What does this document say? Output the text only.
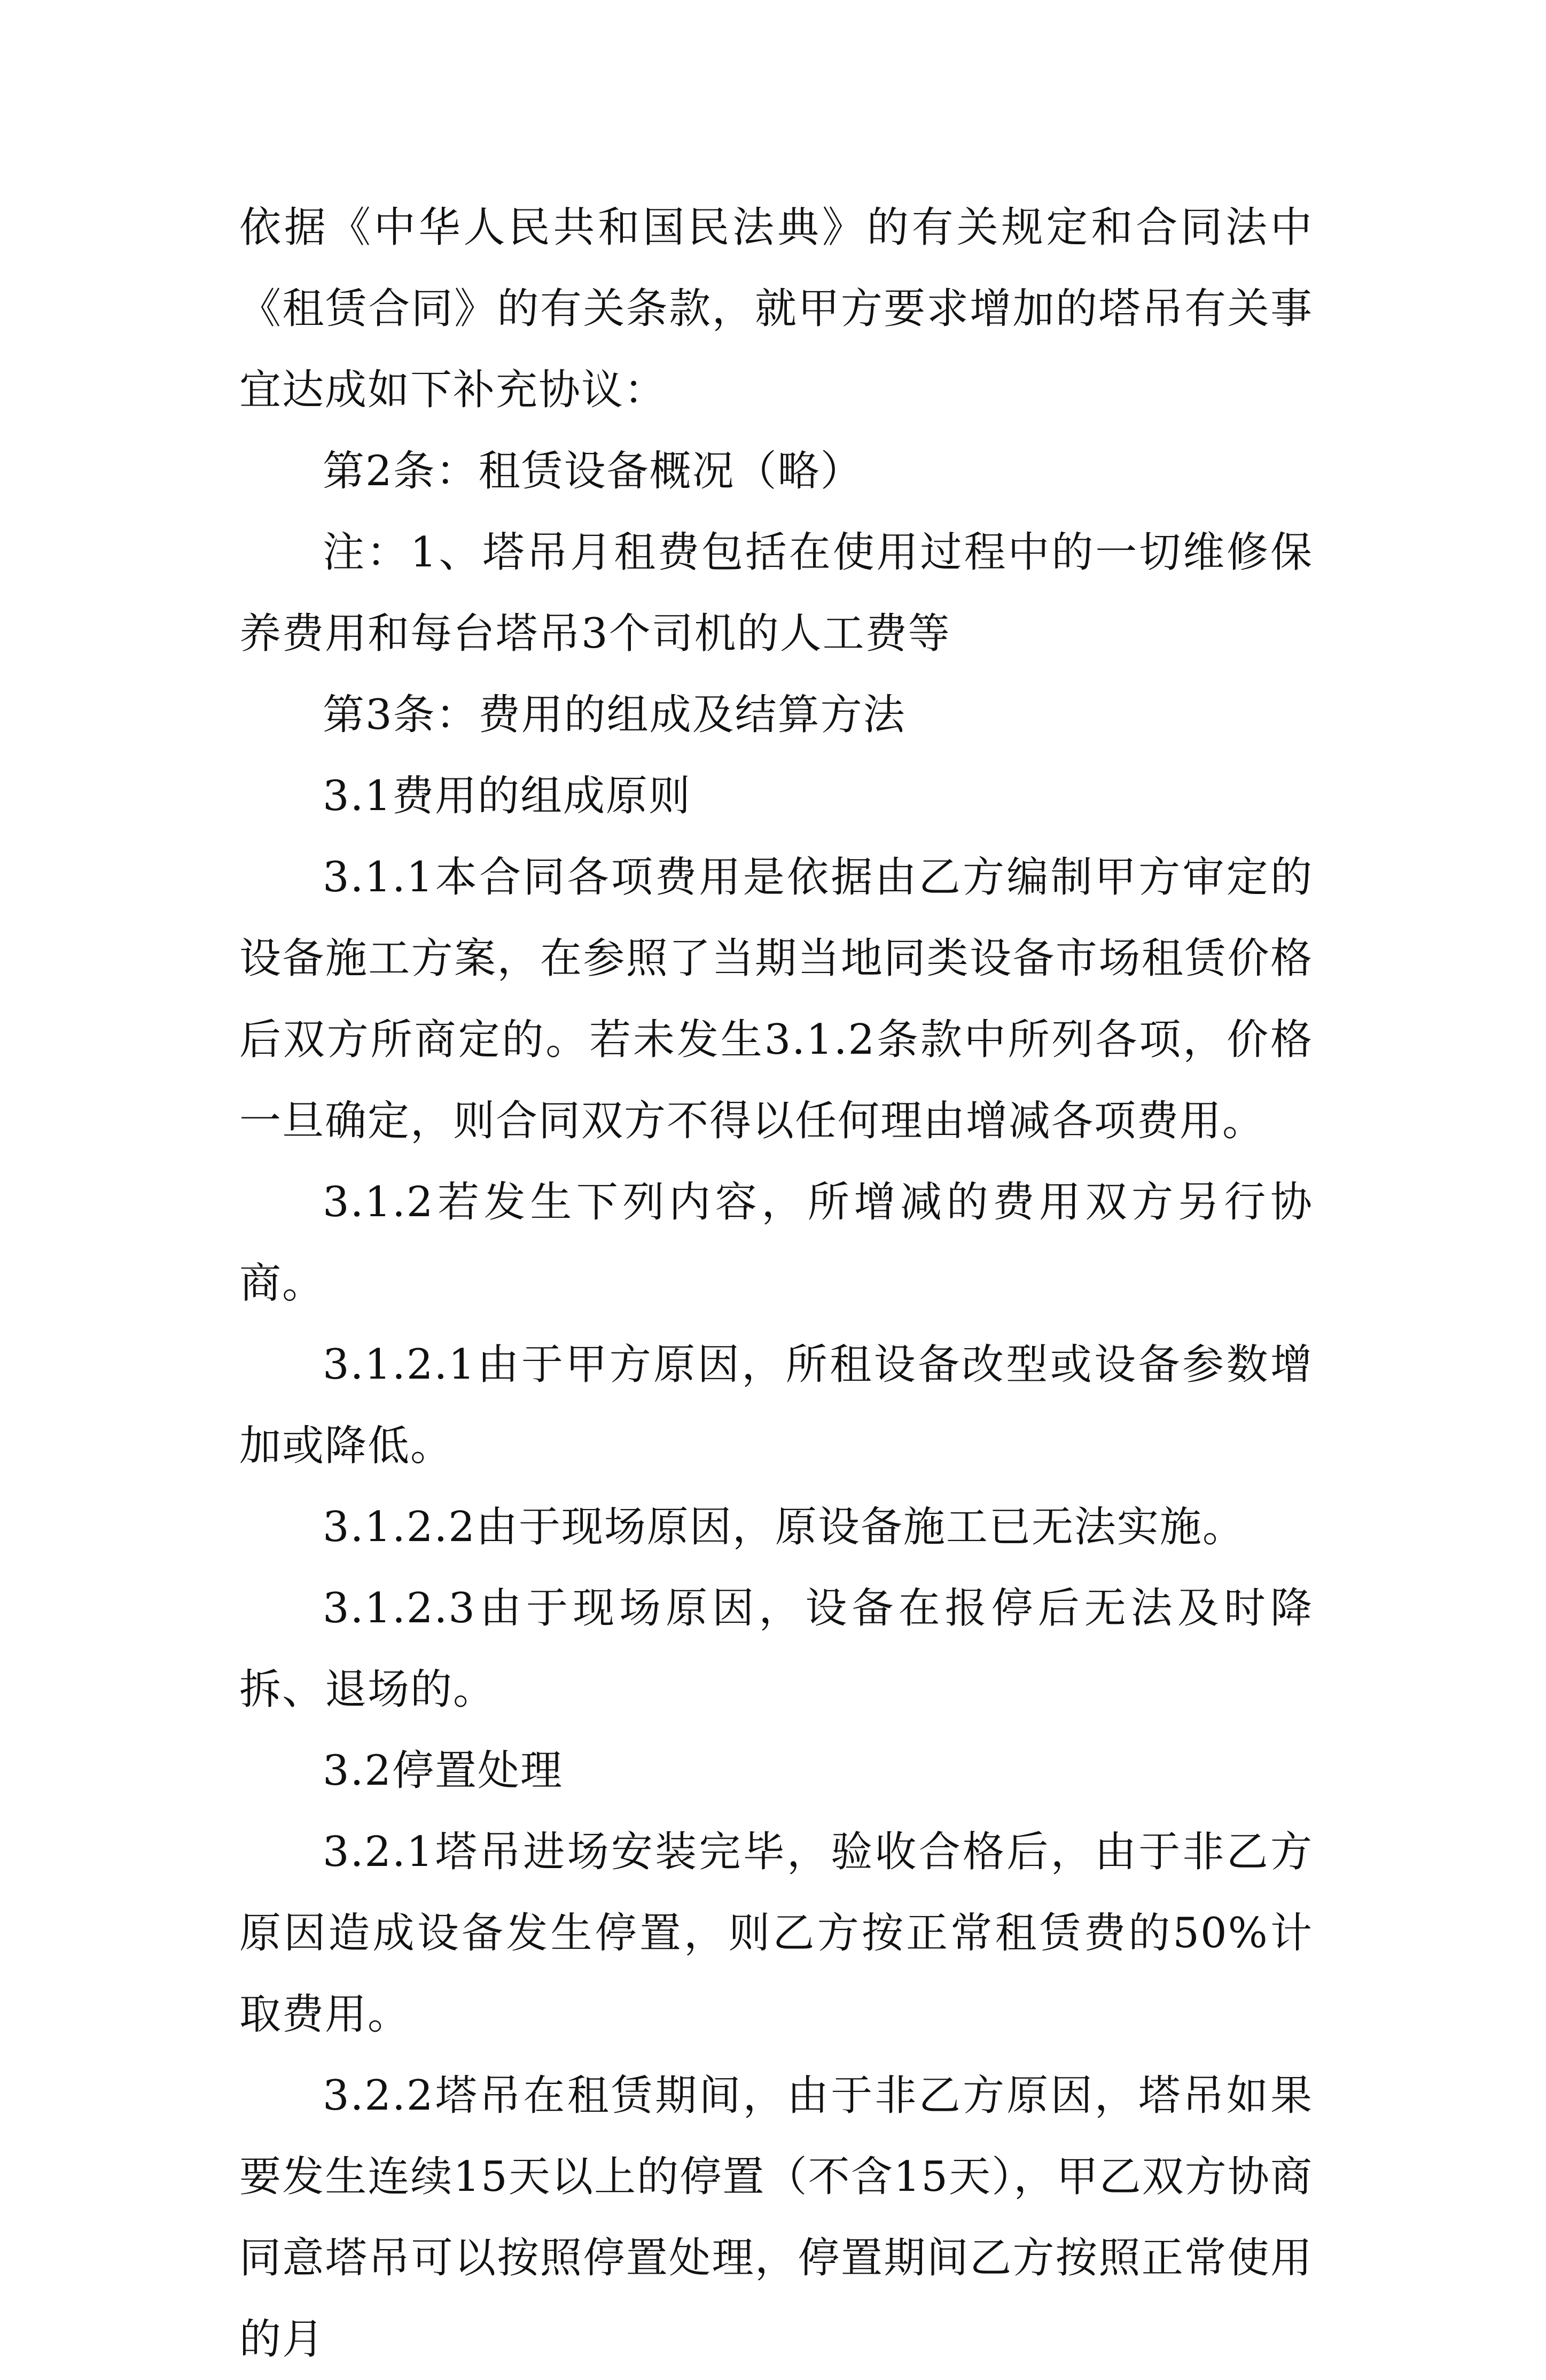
依据《中华人民共和国民法典》的有关规定和合同法中《租赁合同》的有关条款，就甲方要求增加的塔吊有关事宜达成如下补充协议：

第2条：租赁设备概况（略）

注：1、塔吊月租费包括在使用过程中的一切维修保养费用和每台塔吊3个司机的人工费等

第3条：费用的组成及结算方法

3.1费用的组成原则

3.1.1本合同各项费用是依据由乙方编制甲方审定的设备施工方案，在参照了当期当地同类设备市场租赁价格后双方所商定的。若未发生3.1.2条款中所列各项，价格一旦确定，则合同双方不得以任何理由增减各项费用。

3.1.2若发生下列内容，所增减的费用双方另行协商。

3.1.2.1由于甲方原因，所租设备改型或设备参数增加或降低。

3.1.2.2由于现场原因，原设备施工已无法实施。

3.1.2.3由于现场原因，设备在报停后无法及时降拆、退场的。

3.2停置处理

3.2.1塔吊进场安装完毕，验收合格后，由于非乙方原因造成设备发生停置，则乙方按正常租赁费的50%计取费用。

3.2.2塔吊在租赁期间，由于非乙方原因，塔吊如果要发生连续15天以上的停置（不含15天），甲乙双方协商同意塔吊可以按照停置处理，停置期间乙方按照正常使用的月
